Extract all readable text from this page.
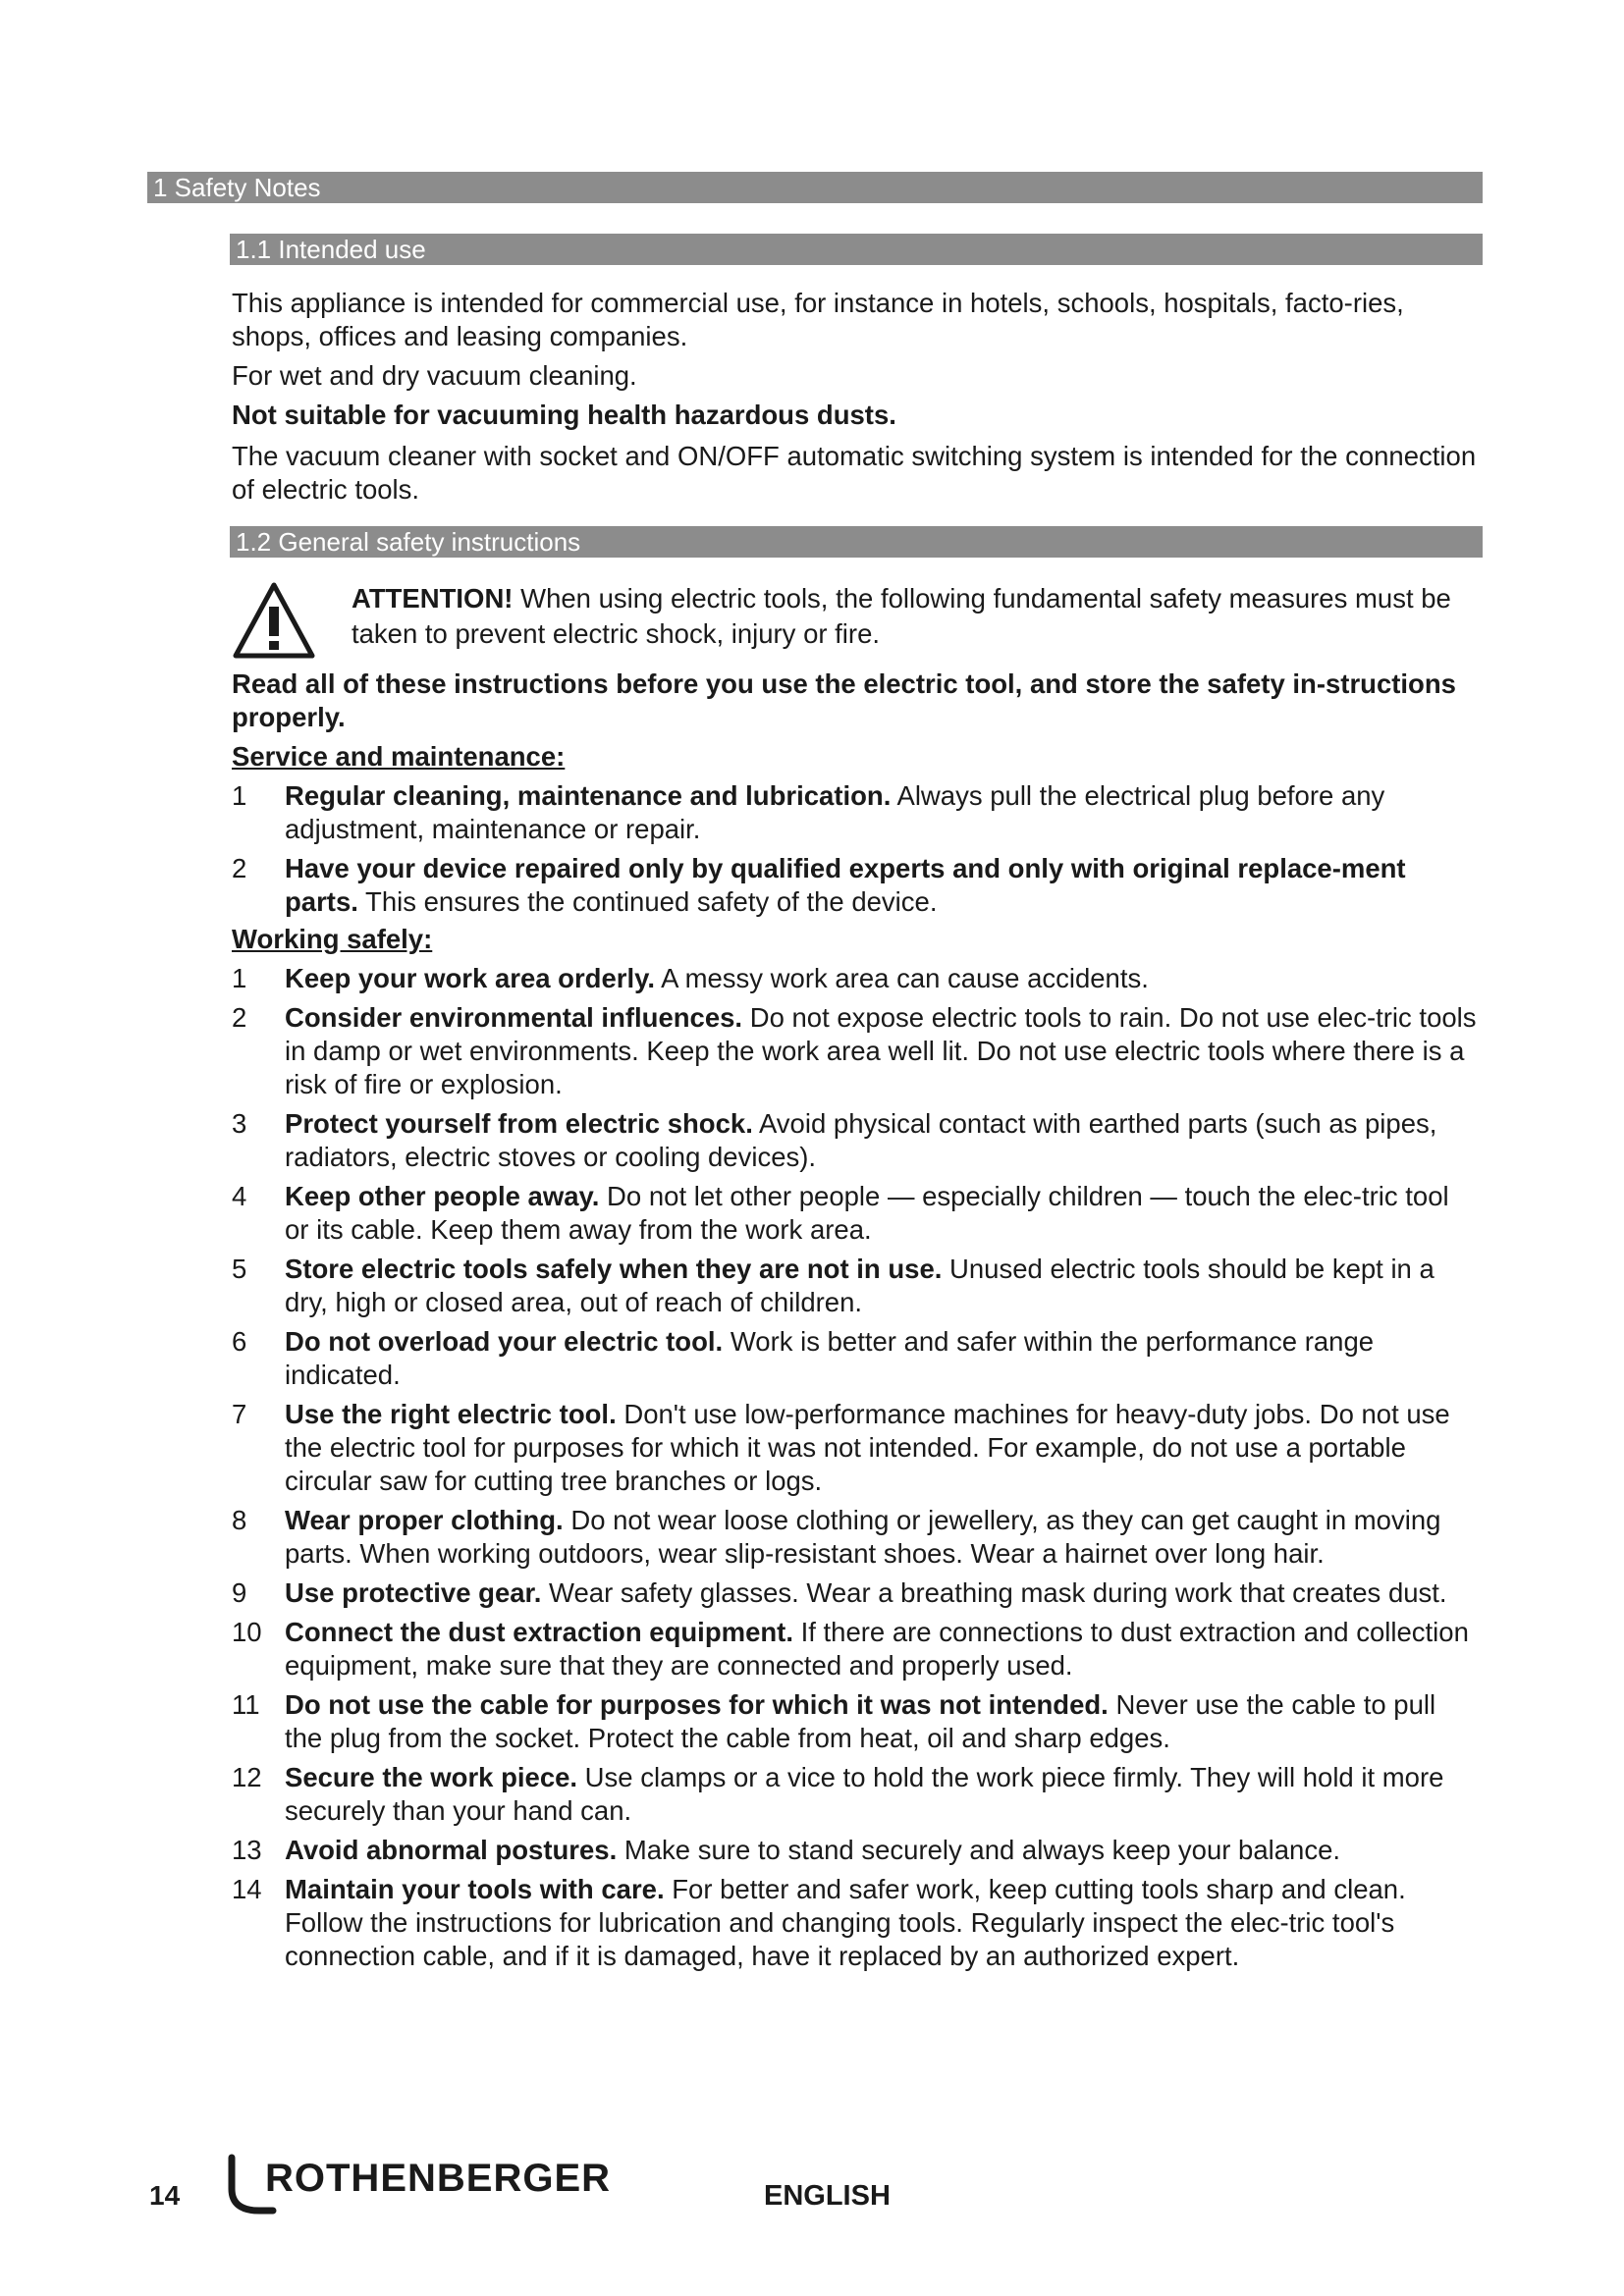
1 Safety Notes
1.1 Intended use

This appliance is intended for commercial use, for instance in hotels, schools, hospitals, facto-ries, shops, offices and leasing companies.

For wet and dry vacuum cleaning.

Not suitable for vacuuming health hazardous dusts.

The vacuum cleaner with socket and ON/OFF automatic switching system is intended for the connection of electric tools.

1.2 General safety instructions

ATTENTION! When using electric tools, the following fundamental safety measures must be taken to prevent electric shock, injury or fire.

Read all of these instructions before you use the electric tool, and store the safety in-structions properly.

Service and maintenance:

1	Regular cleaning, maintenance and lubrication. Always pull the electrical plug before any adjustment, maintenance or repair.
2	Have your device repaired only by qualified experts and only with original replace-ment parts. This ensures the continued safety of the device.

Working safely:

1	Keep your work area orderly. A messy work area can cause accidents.
2	Consider environmental influences. Do not expose electric tools to rain. Do not use elec-tric tools in damp or wet environments. Keep the work area well lit. Do not use electric tools where there is a risk of fire or explosion.
3	Protect yourself from electric shock. Avoid physical contact with earthed parts (such as pipes, radiators, electric stoves or cooling devices).
4	Keep other people away. Do not let other people — especially children — touch the elec-tric tool or its cable. Keep them away from the work area.
5	Store electric tools safely when they are not in use. Unused electric tools should be kept in a dry, high or closed area, out of reach of children.
6	Do not overload your electric tool. Work is better and safer within the performance range indicated.
7	Use the right electric tool. Don't use low-performance machines for heavy-duty jobs. Do not use the electric tool for purposes for which it was not intended. For example, do not use a portable circular saw for cutting tree branches or logs.
8	Wear proper clothing. Do not wear loose clothing or jewellery, as they can get caught in moving parts. When working outdoors, wear slip-resistant shoes. Wear a hairnet over long hair.
9	Use protective gear. Wear safety glasses. Wear a breathing mask during work that creates dust.
10 Connect the dust extraction equipment. If there are connections to dust extraction and collection equipment, make sure that they are connected and properly used.
11 Do not use the cable for purposes for which it was not intended. Never use the cable to pull the plug from the socket. Protect the cable from heat, oil and sharp edges.
12 Secure the work piece. Use clamps or a vice to hold the work piece firmly. They will hold it more securely than your hand can.
13 Avoid abnormal postures. Make sure to stand securely and always keep your balance.
14 Maintain your tools with care. For better and safer work, keep cutting tools sharp and clean. Follow the instructions for lubrication and changing tools. Regularly inspect the elec-tric tool's connection cable, and if it is damaged, have it replaced by an authorized expert.
14 ROTHENBERGER	ENGLISH
